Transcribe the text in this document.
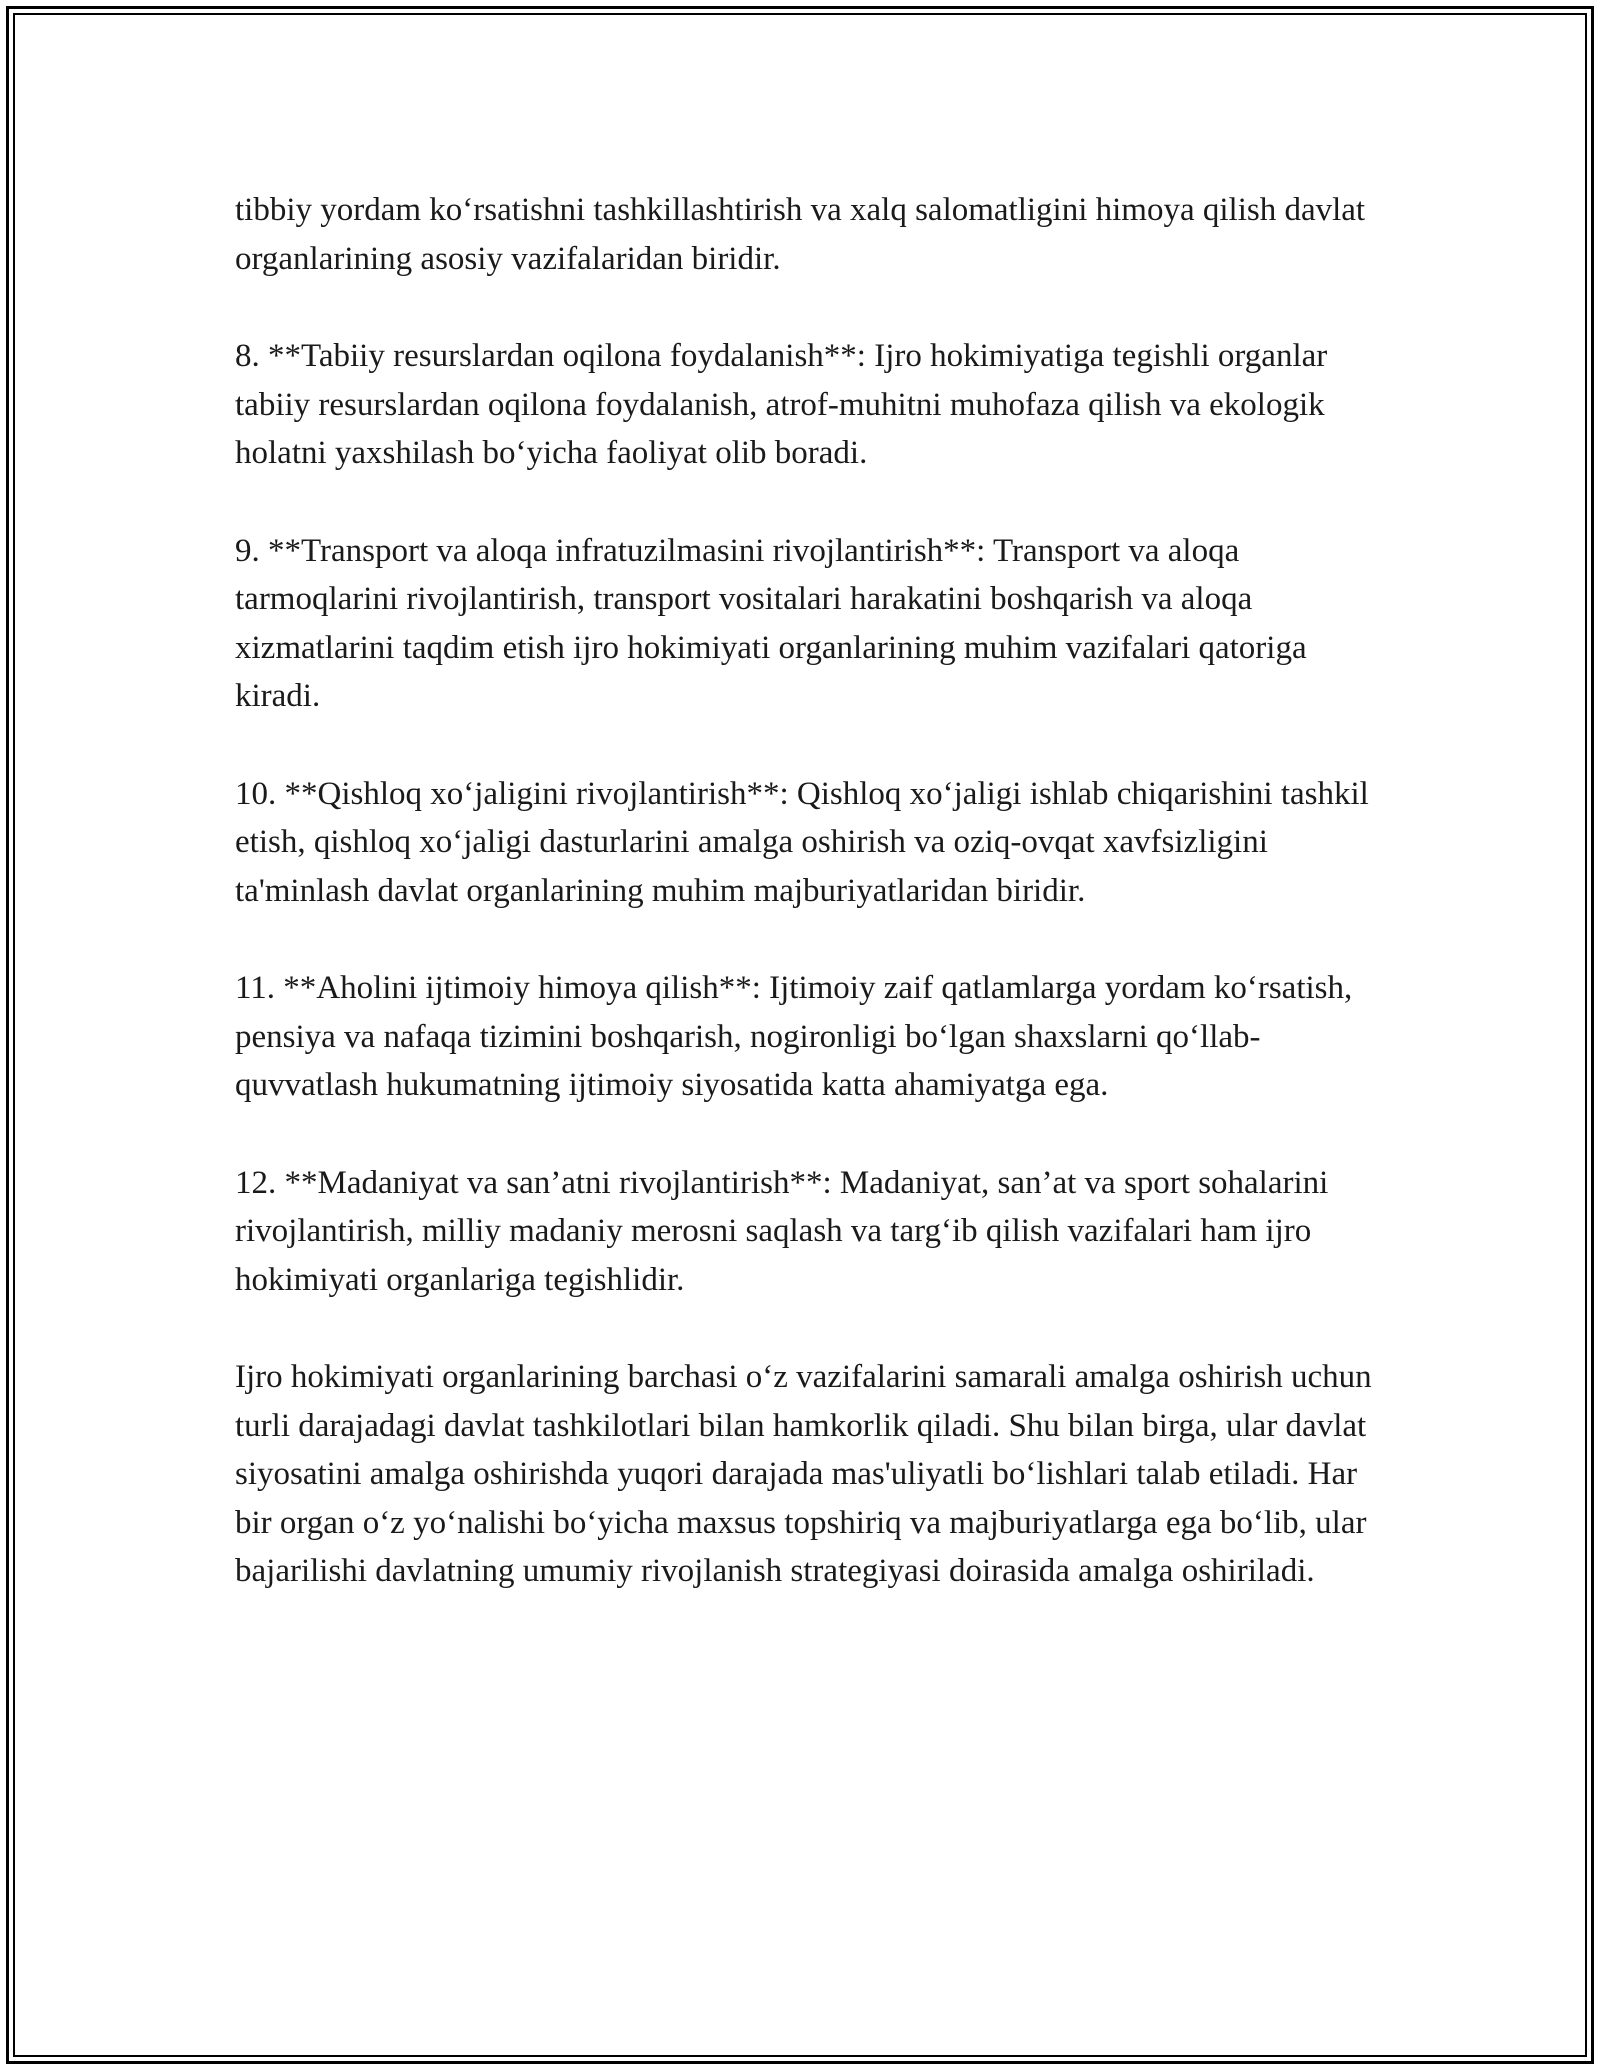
tibbiy yordam ko‘rsatishni tashkillashtirish va xalq salomatligini himoya qilish davlat organlarining asosiy vazifalaridan biridir.

8. **Tabiiy resurslardan oqilona foydalanish**: Ijro hokimiyatiga tegishli organlar tabiiy resurslardan oqilona foydalanish, atrof-muhitni muhofaza qilish va ekologik holatni yaxshilash bo‘yicha faoliyat olib boradi.

9. **Transport va aloqa infratuzilmasini rivojlantirish**: Transport va aloqa tarmoqlarini rivojlantirish, transport vositalari harakatini boshqarish va aloqa xizmatlarini taqdim etish ijro hokimiyati organlarining muhim vazifalari qatoriga kiradi.

10. **Qishloq xo‘jaligini rivojlantirish**: Qishloq xo‘jaligi ishlab chiqarishini tashkil etish, qishloq xo‘jaligi dasturlarini amalga oshirish va oziq-ovqat xavfsizligini ta'minlash davlat organlarining muhim majburiyatlaridan biridir.

11. **Aholini ijtimoiy himoya qilish**: Ijtimoiy zaif qatlamlarga yordam ko‘rsatish, pensiya va nafaqa tizimini boshqarish, nogironligi bo‘lgan shaxslarni qo‘llab-quvvatlash hukumatning ijtimoiy siyosatida katta ahamiyatga ega.

12. **Madaniyat va san’atni rivojlantirish**: Madaniyat, san’at va sport sohalarini rivojlantirish, milliy madaniy merosni saqlash va targ‘ib qilish vazifalari ham ijro hokimiyati organlariga tegishlidir.

Ijro hokimiyati organlarining barchasi o‘z vazifalarini samarali amalga oshirish uchun turli darajadagi davlat tashkilotlari bilan hamkorlik qiladi. Shu bilan birga, ular davlat siyosatini amalga oshirishda yuqori darajada mas'uliyatli bo‘lishlari talab etiladi. Har bir organ o‘z yo‘nalishi bo‘yicha maxsus topshiriq va majburiyatlarga ega bo‘lib, ular bajarilishi davlatning umumiy rivojlanish strategiyasi doirasida amalga oshiriladi.
